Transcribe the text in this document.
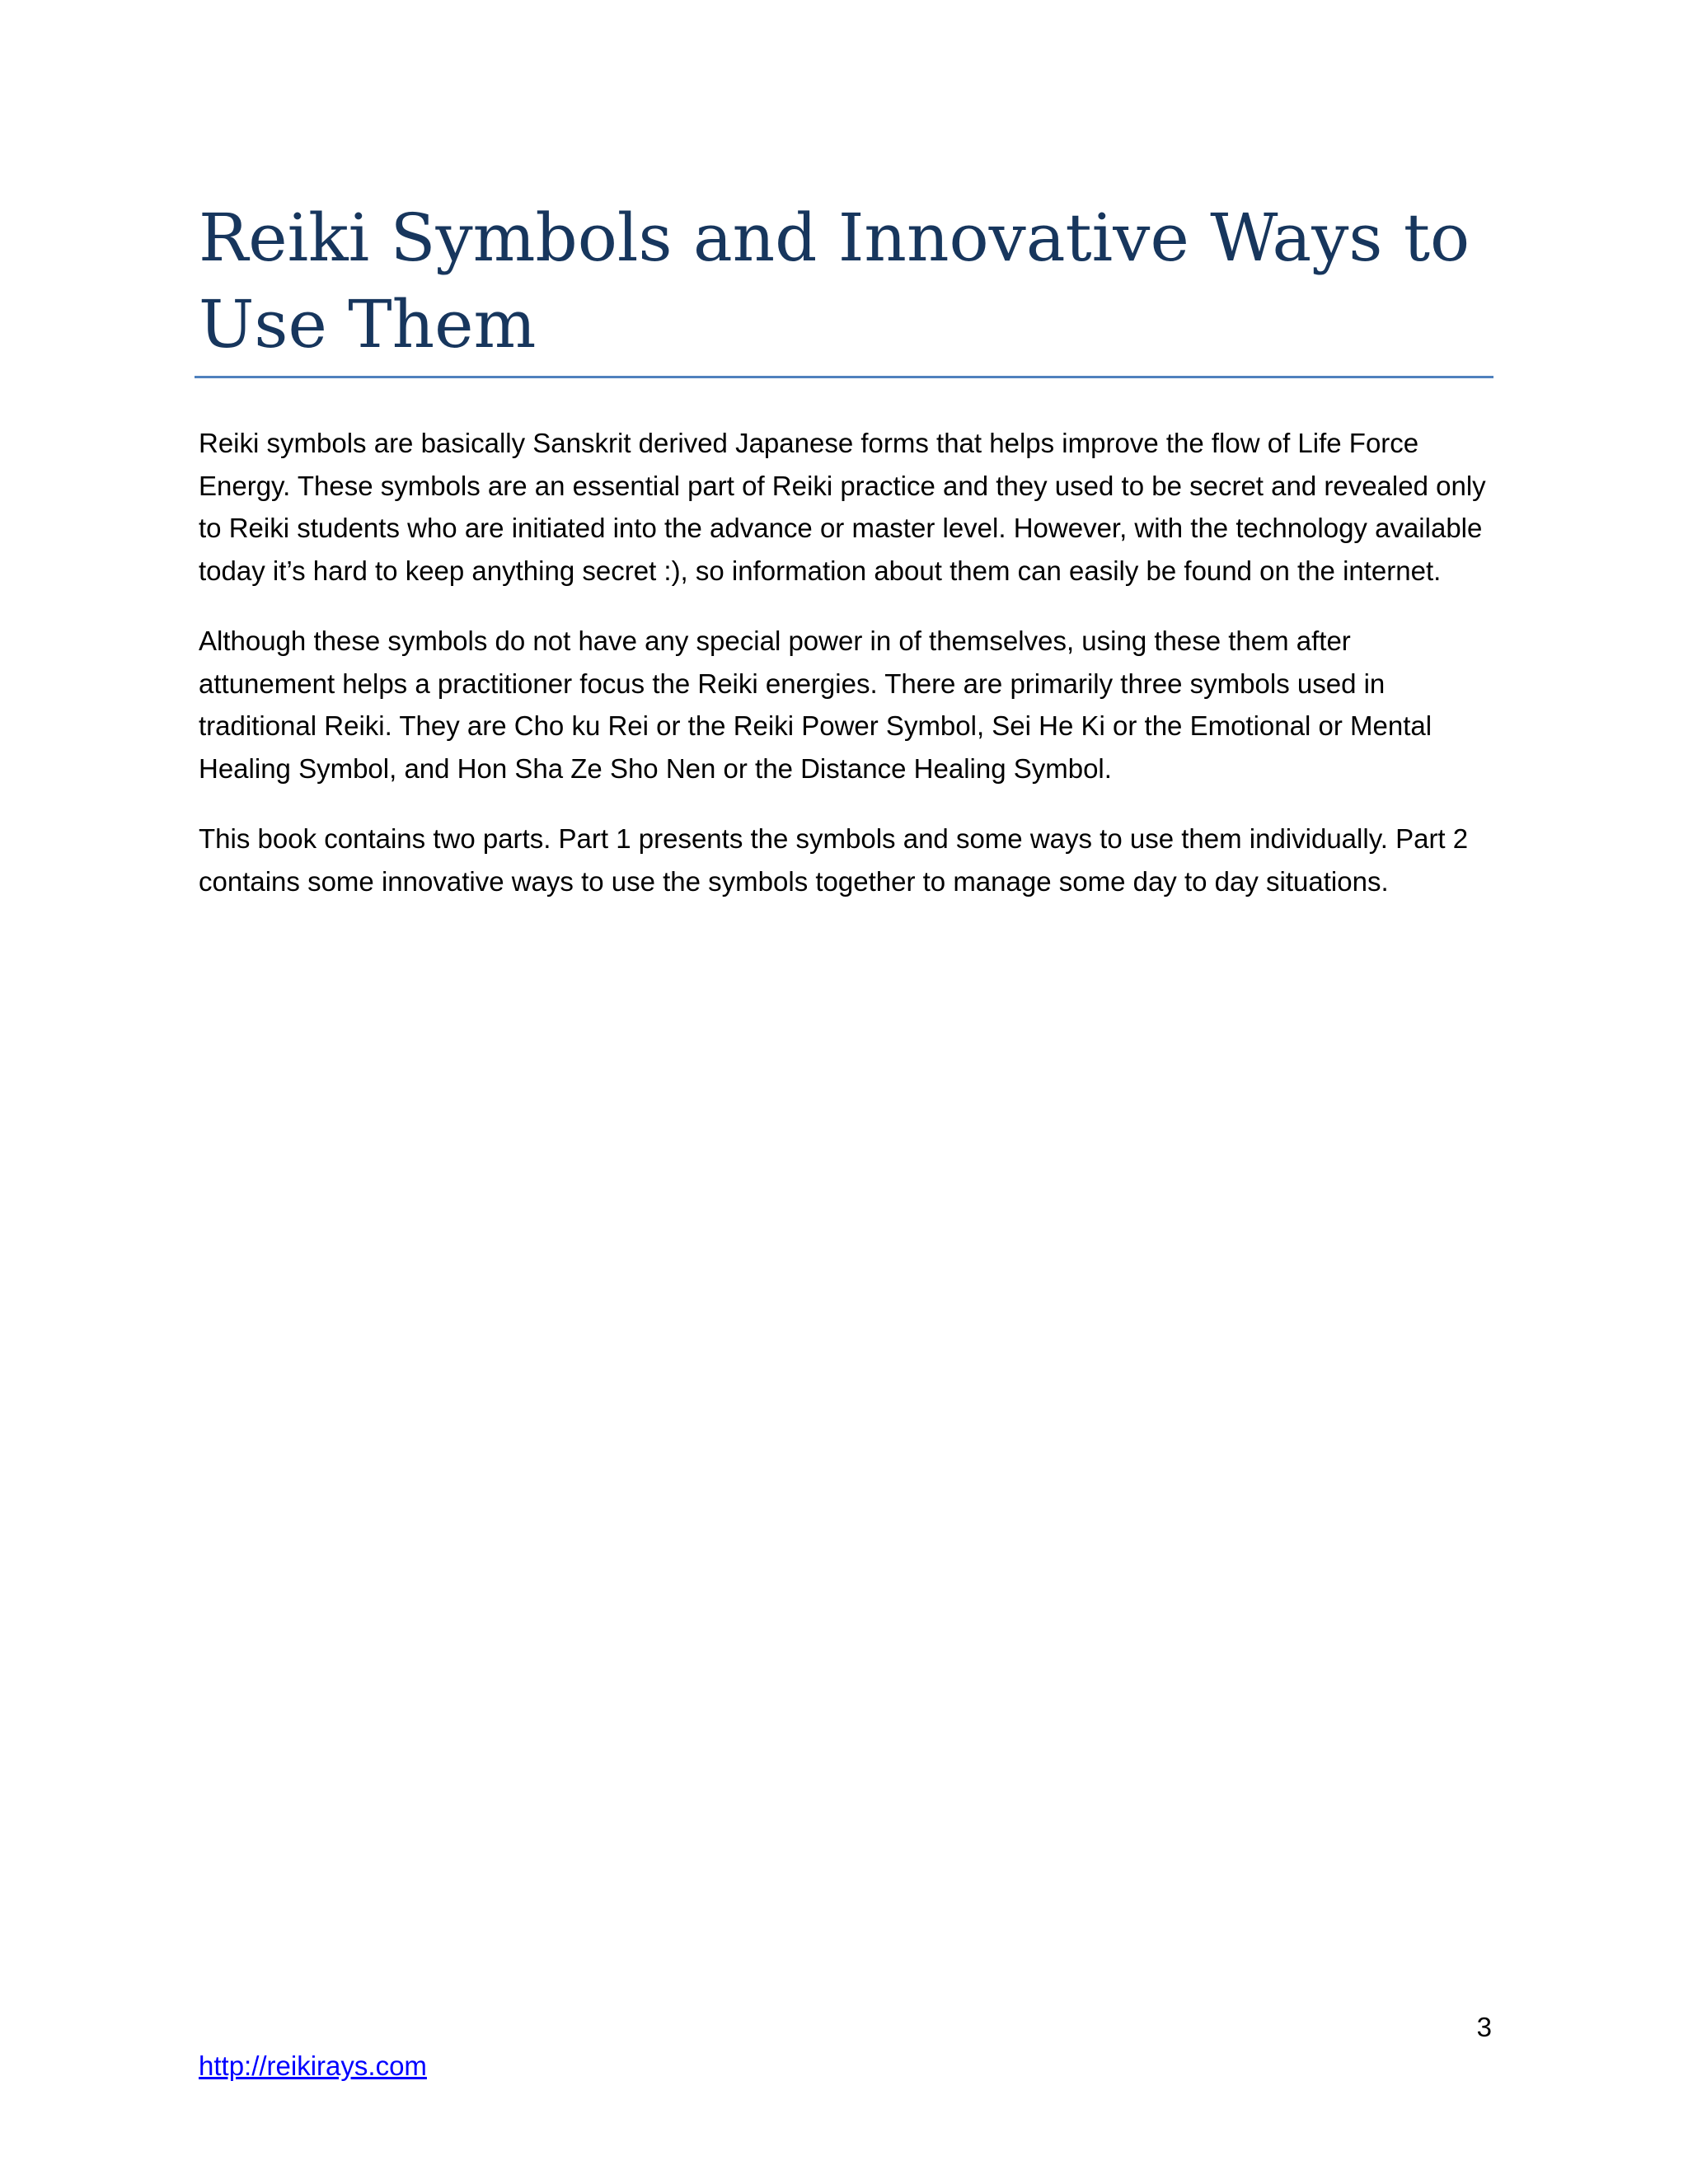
Reiki Symbols and Innovative Ways to Use Them

Reiki symbols are basically Sanskrit derived Japanese forms that helps improve the flow of Life Force Energy. These symbols are an essential part of Reiki practice and they used to be secret and revealed only to Reiki students who are initiated into the advance or master level. However, with the technology available today it’s hard to keep anything secret :), so information about them can easily be found on the internet.

Although these symbols do not have any special power in of themselves, using these them after attunement helps a practitioner focus the Reiki energies. There are primarily three symbols used in traditional Reiki. They are Cho ku Rei or the Reiki Power Symbol, Sei He Ki or the Emotional or Mental Healing Symbol, and Hon Sha Ze Sho Nen or the Distance Healing Symbol.

This book contains two parts. Part 1 presents the symbols and some ways to use them individually. Part 2 contains some innovative ways to use the symbols together to manage some day to day situations.

3
http://reikirays.com
